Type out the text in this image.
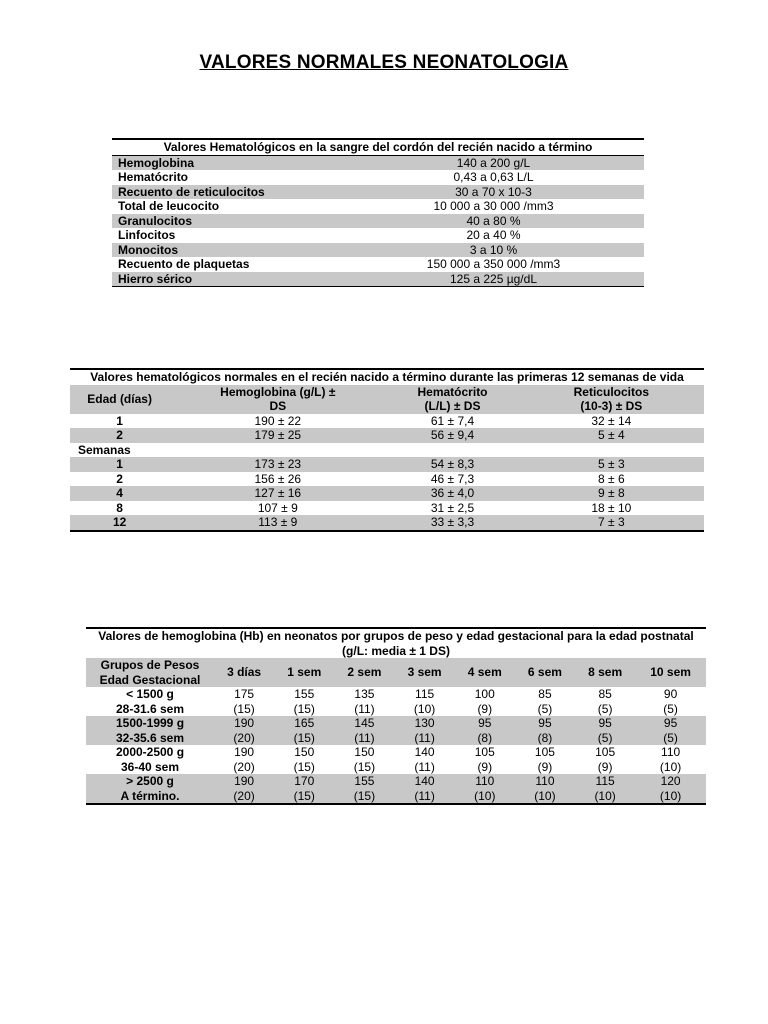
VALORES NORMALES NEONATOLOGIA
Valores Hematológicos en la sangre del cordón del recién nacido a término	
Hemoglobina	140 a 200 g/L
Hematócrito	0,43 a 0,63 L/L
Recuento de reticulocitos	30 a 70 x 10-3
Total de leucocito	10 000 a 30 000 /mm3
Granulocitos	40 a 80 %
Linfocitos	20 a 40 %
Monocitos	3 a 10 %
Recuento de plaquetas	150 000 a 350 000 /mm3
Hierro sérico	125 a 225 µg/dL
Valores hematológicos normales en el recién nacido a término durante las primeras 12 semanas de vida			
Edad (días)	Hemoglobina (g/L) ± DS	Hematócrito (L/L) ± DS	Reticulocitos (10-3) ± DS
1	190 ± 22	61 ± 7,4	32 ± 14
2	179 ± 25	56 ± 9,4	5 ± 4
Semanas			
1	173 ± 23	54 ± 8,3	5 ± 3
2	156 ± 26	46 ± 7,3	8 ± 6
4	127 ± 16	36 ± 4,0	9 ± 8
8	107 ± 9	31 ± 2,5	18 ± 10
12	113 ± 9	33 ± 3,3	7 ± 3
Valores de hemoglobina (Hb) en neonatos por grupos de peso y edad gestacional para la edad postnatal (g/L: media ± 1 DS)								
Grupos de Pesos Edad Gestacional	3 días	1 sem	2 sem	3 sem	4 sem	6 sem	8 sem	10 sem
< 1500 g	175	155	135	115	100	85	85	90
28-31.6 sem	(15)	(15)	(11)	(10)	(9)	(5)	(5)	(5)
1500-1999 g	190	165	145	130	95	95	95	95
32-35.6 sem	(20)	(15)	(11)	(11)	(8)	(8)	(5)	(5)
2000-2500 g	190	150	150	140	105	105	105	110
36-40 sem	(20)	(15)	(15)	(11)	(9)	(9)	(9)	(10)
> 2500 g	190	170	155	140	110	110	115	120
A término.	(20)	(15)	(15)	(11)	(10)	(10)	(10)	(10)
